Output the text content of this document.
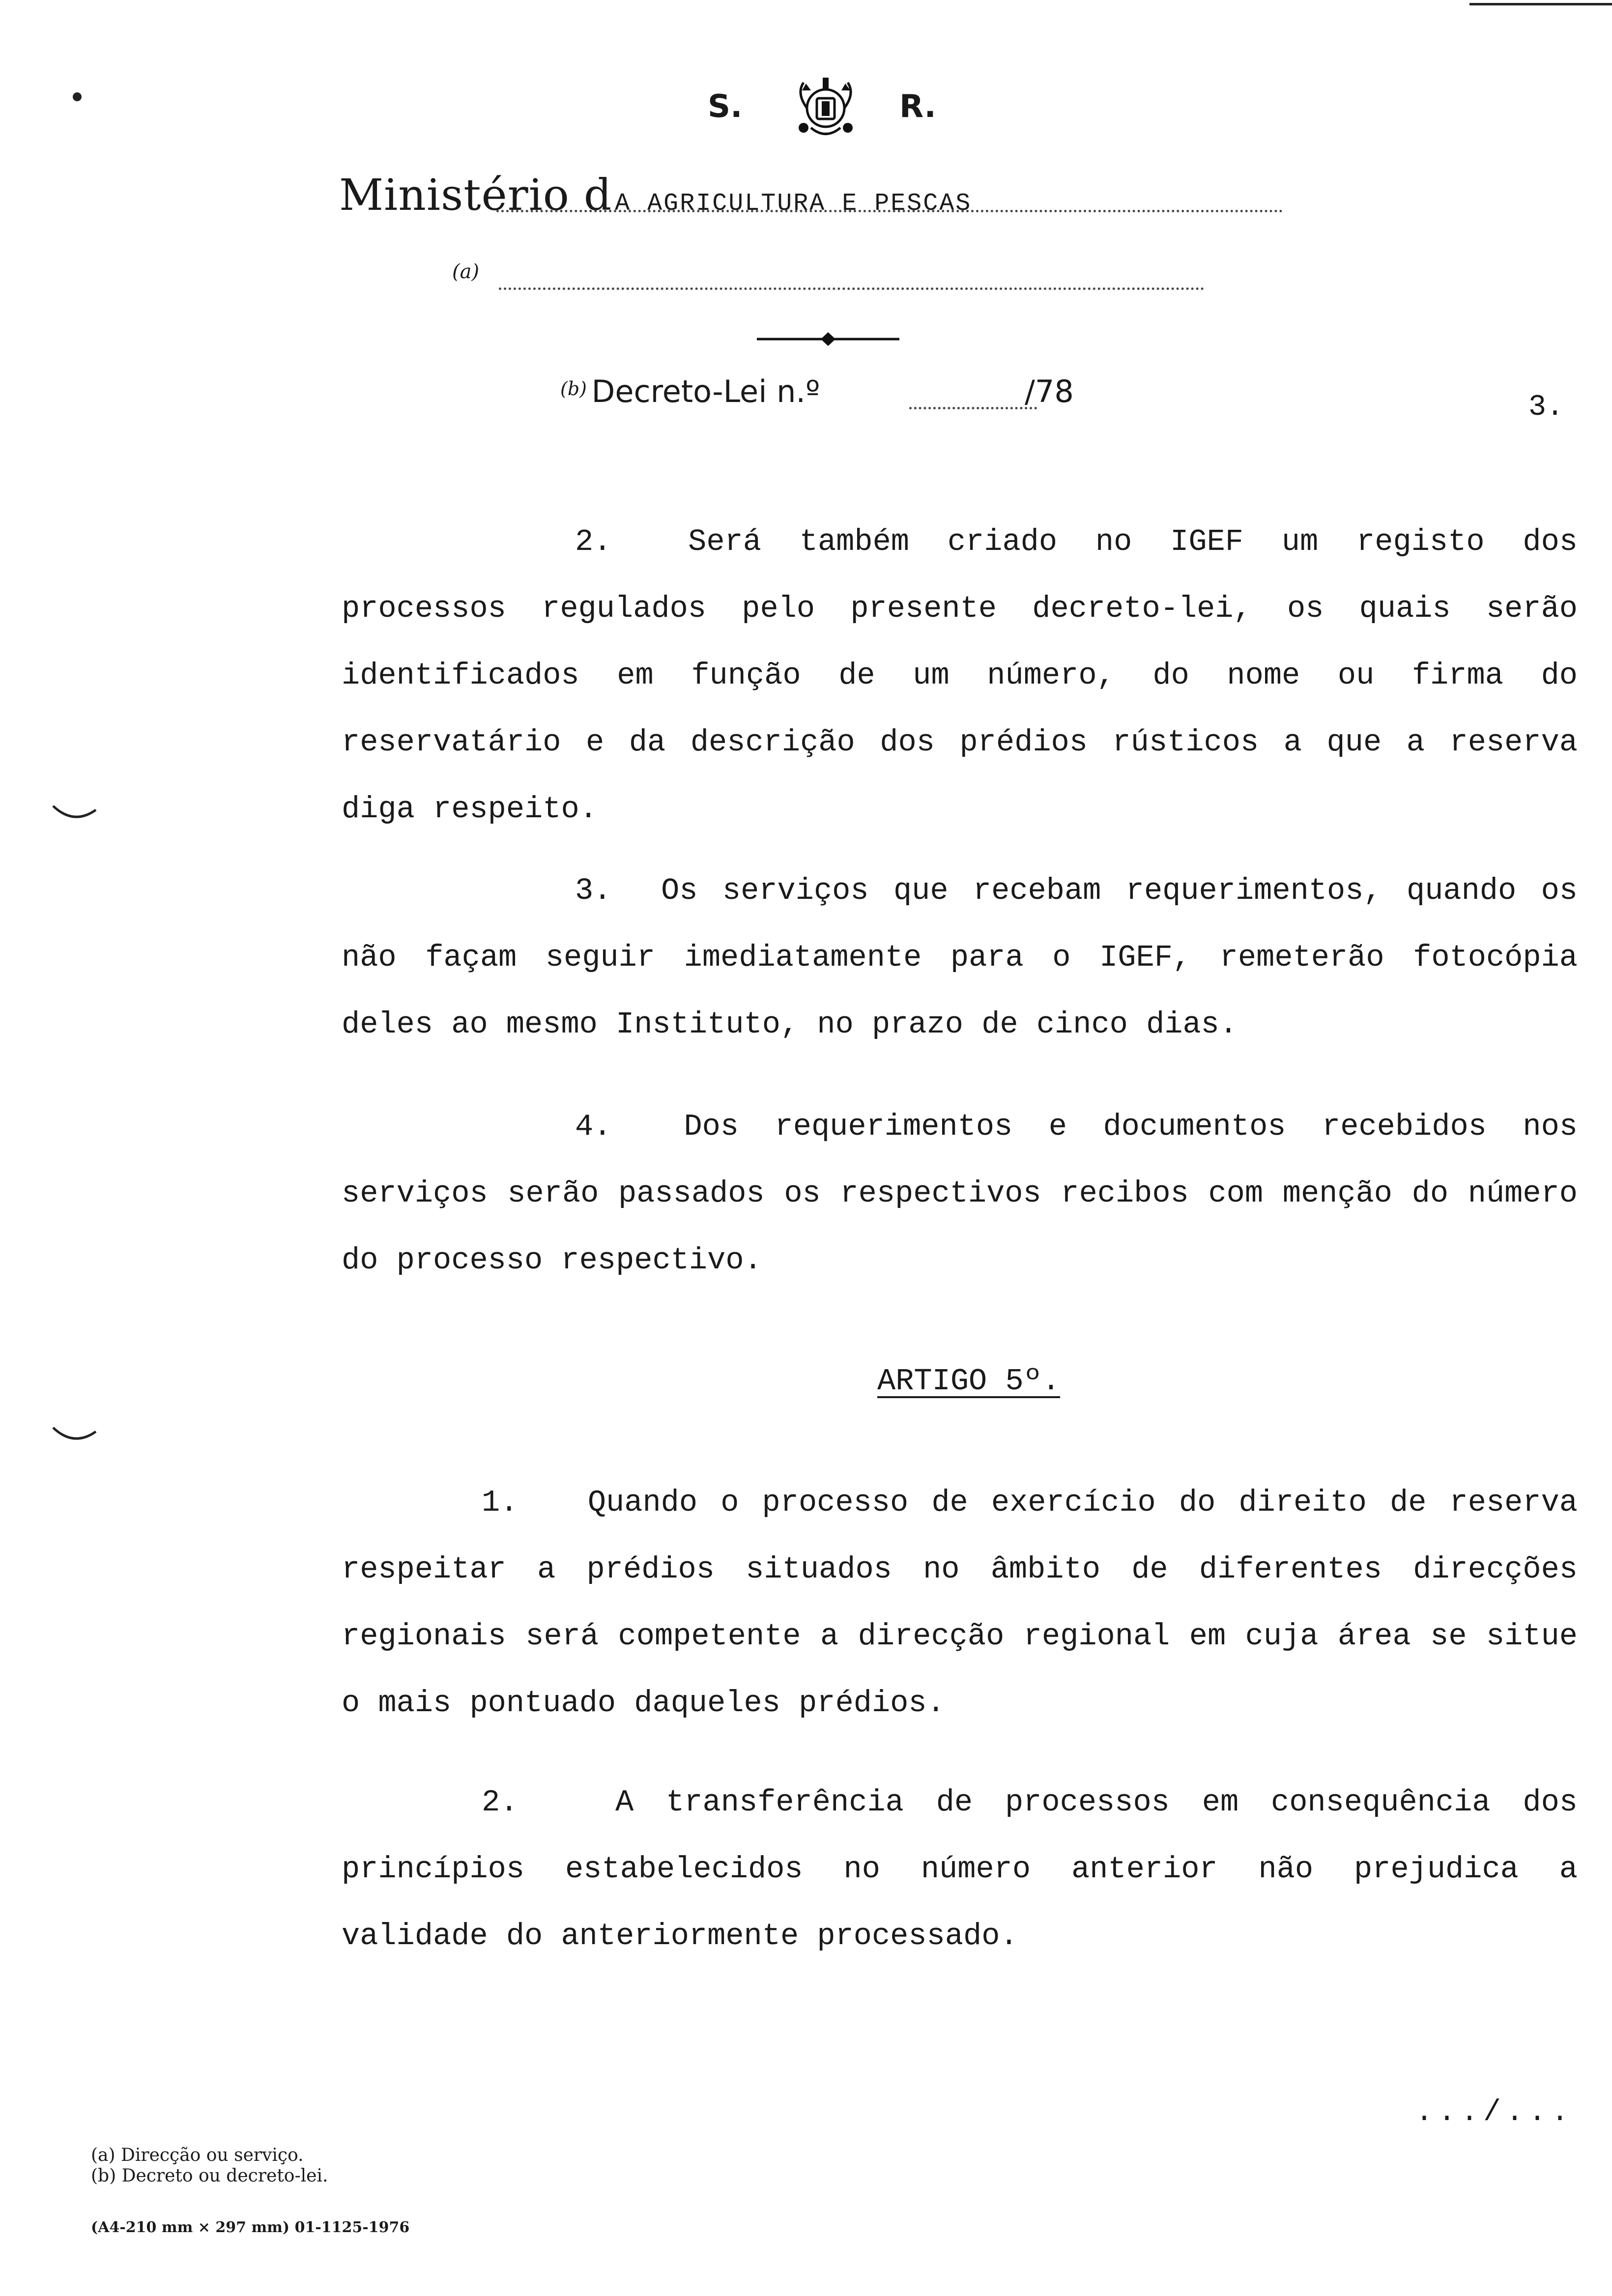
S.	R.
Ministério d A AGRICULTURA E PESCAS
(a)
(b) Decreto-Lei n.º	/78	3.
2.	Será também criado no IGEF um registo dos processos regulados pelo presente decreto-lei, os quais serão identificados em função de um número, do nome ou firma do reservatário e da descrição dos prédios rústicos a que a reserva diga respeito.
3. Os serviços que recebam requerimentos, quando os não façam seguir imediatamente para o IGEF, remeterão fotocópia deles ao mesmo Instituto, no prazo de cinco dias.
4. Dos requerimentos e documentos recebidos nos serviços serão passados os respectivos recibos com menção do número do processo respectivo.
ARTIGO 5º.
1. Quando o processo de exercício do direito de reserva respeitar a prédios situados no âmbito de diferentes direcções regionais será competente a direcção regional em cuja área se situe o mais pontuado daqueles prédios.
2.	A transferência de processos em consequência dos princípios estabelecidos no número anterior não prejudica a validade do anteriormente processado.
.../...
(a) Direcção ou serviço.
(b) Decreto ou decreto-lei.
(A4-210 mm × 297 mm) 01-1125-1976
